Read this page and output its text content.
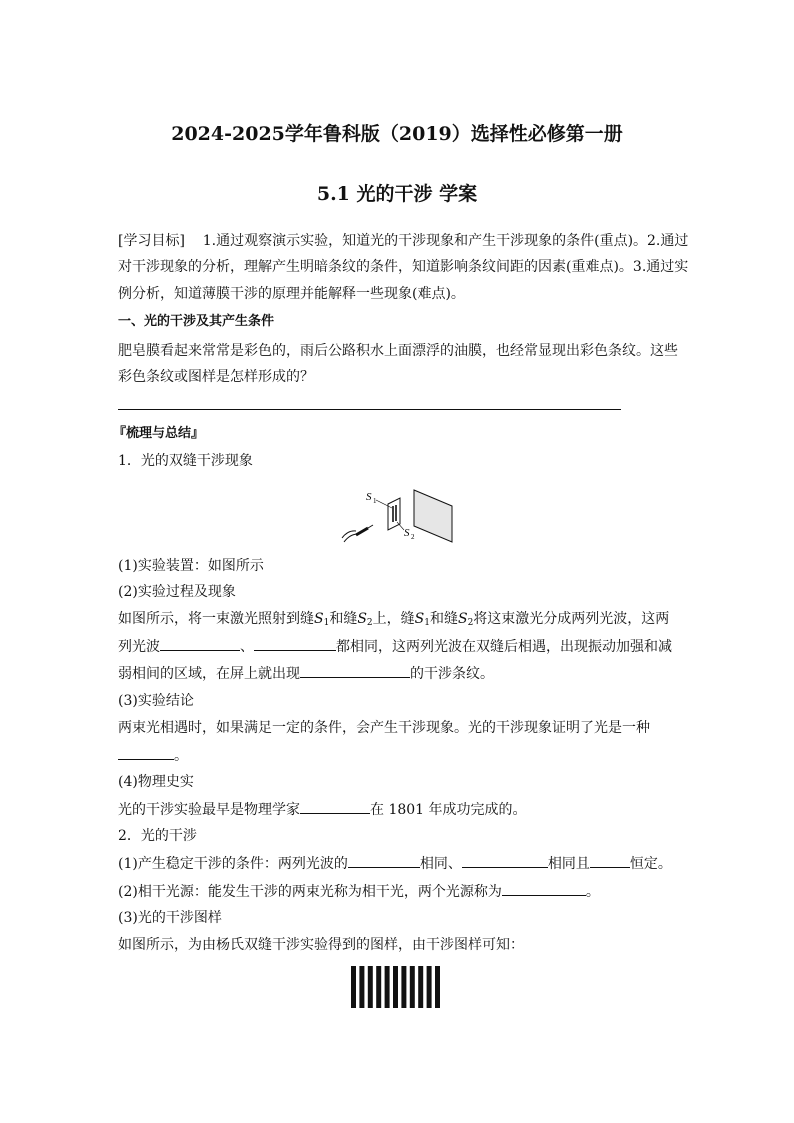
2024-2025学年鲁科版（2019）选择性必修第一册
5.1 光的干涉 学案
[学习目标] 1.通过观察演示实验，知道光的干涉现象和产生干涉现象的条件(重点)。2.通过
对干涉现象的分析，理解产生明暗条纹的条件，知道影响条纹间距的因素(重难点)。3.通过实
例分析，知道薄膜干涉的原理并能解释一些现象(难点)。
一、光的干涉及其产生条件
肥皂膜看起来常常是彩色的，雨后公路积水上面漂浮的油膜，也经常显现出彩色条纹。这些
彩色条纹或图样是怎样形成的？
『梳理与总结』
1．光的双缝干涉现象
S 1
S 2
(1)实验装置：如图所示
(2)实验过程及现象
如图所示，将一束激光照射到缝$S_1$和缝$S_2$上，缝$S_1$和缝$S_2$将这束激光分成两列光波，这两
列光波	、	都相同，这两列光波在双缝后相遇，出现振动加强和减
弱相间的区域，在屏上就出现	的干涉条纹。
(3)实验结论
两束光相遇时，如果满足一定的条件，会产生干涉现象。光的干涉现象证明了光是一种
。
(4)物理史实
光的干涉实验最早是物理学家	在 1801 年成功完成的。
2．光的干涉
(1)产生稳定干涉的条件：两列光波的	相同、	相同且	恒定。
(2)相干光源：能发生干涉的两束光称为相干光，两个光源称为	。
(3)光的干涉图样
如图所示，为由杨氏双缝干涉实验得到的图样，由干涉图样可知：
